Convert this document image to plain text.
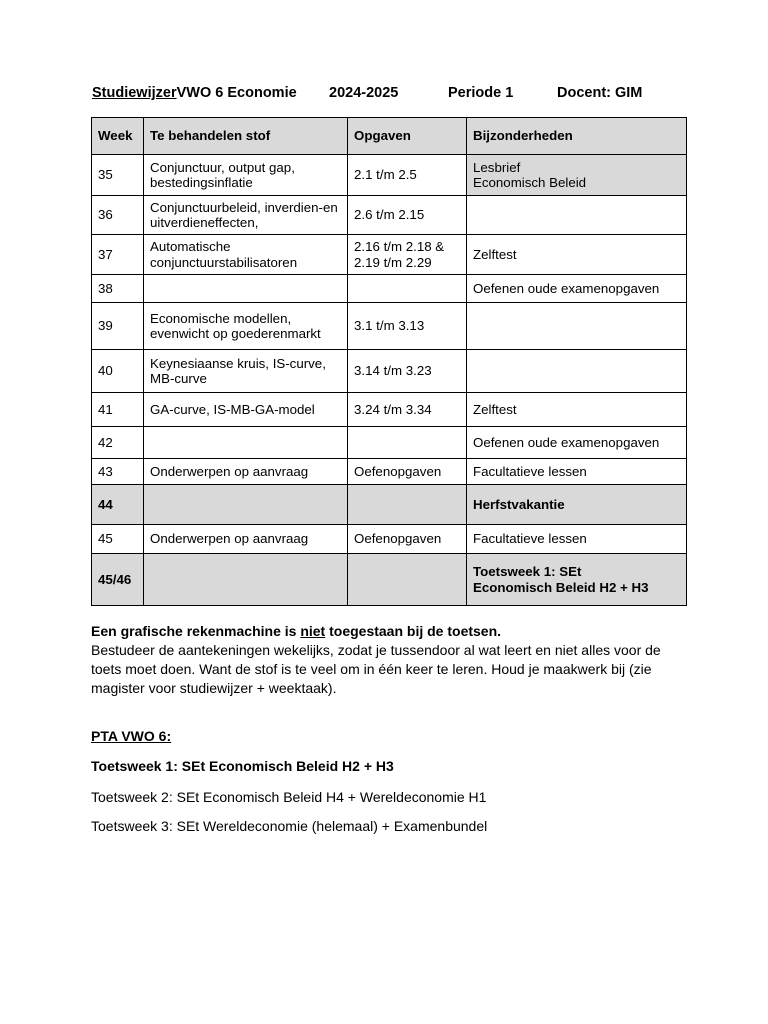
StudiewijzerVWO 6 Economie 2024-2025	Periode 1	Docent: GIM
Week	Te behandelen stof	Opgaven	Bijzonderheden
35	Conjunctuur, output gap, bestedingsinflatie	2.1 t/m 2.5	Lesbrief
Economisch Beleid
36	Conjunctuurbeleid, inverdien-en uitverdieneffecten,	2.6 t/m 2.15	
37	Automatische conjunctuurstabilisatoren	2.16 t/m 2.18 & 2.19 t/m 2.29	Zelftest
38			Oefenen oude examenopgaven
39	Economische modellen, evenwicht op goederenmarkt	3.1 t/m 3.13	
40	Keynesiaanse kruis, IS-curve, MB-curve	3.14 t/m 3.23	
41	GA-curve, IS-MB-GA-model	3.24 t/m 3.34	Zelftest
42			Oefenen oude examenopgaven
43	Onderwerpen op aanvraag	Oefenopgaven	Facultatieve lessen
44			Herfstvakantie
45	Onderwerpen op aanvraag	Oefenopgaven	Facultatieve lessen
45/46			Toetsweek 1: SEt
Economisch Beleid H2 + H3
Een grafische rekenmachine is niet toegestaan bij de toetsen.
Bestudeer de aantekeningen wekelijks, zodat je tussendoor al wat leert en niet alles voor de toets moet doen. Want de stof is te veel om in één keer te leren. Houd je maakwerk bij (zie magister voor studiewijzer + weektaak).
PTA VWO 6:
Toetsweek 1: SEt Economisch Beleid H2 + H3
Toetsweek 2: SEt Economisch Beleid H4 + Wereldeconomie H1
Toetsweek 3: SEt Wereldeconomie (helemaal) + Examenbundel
